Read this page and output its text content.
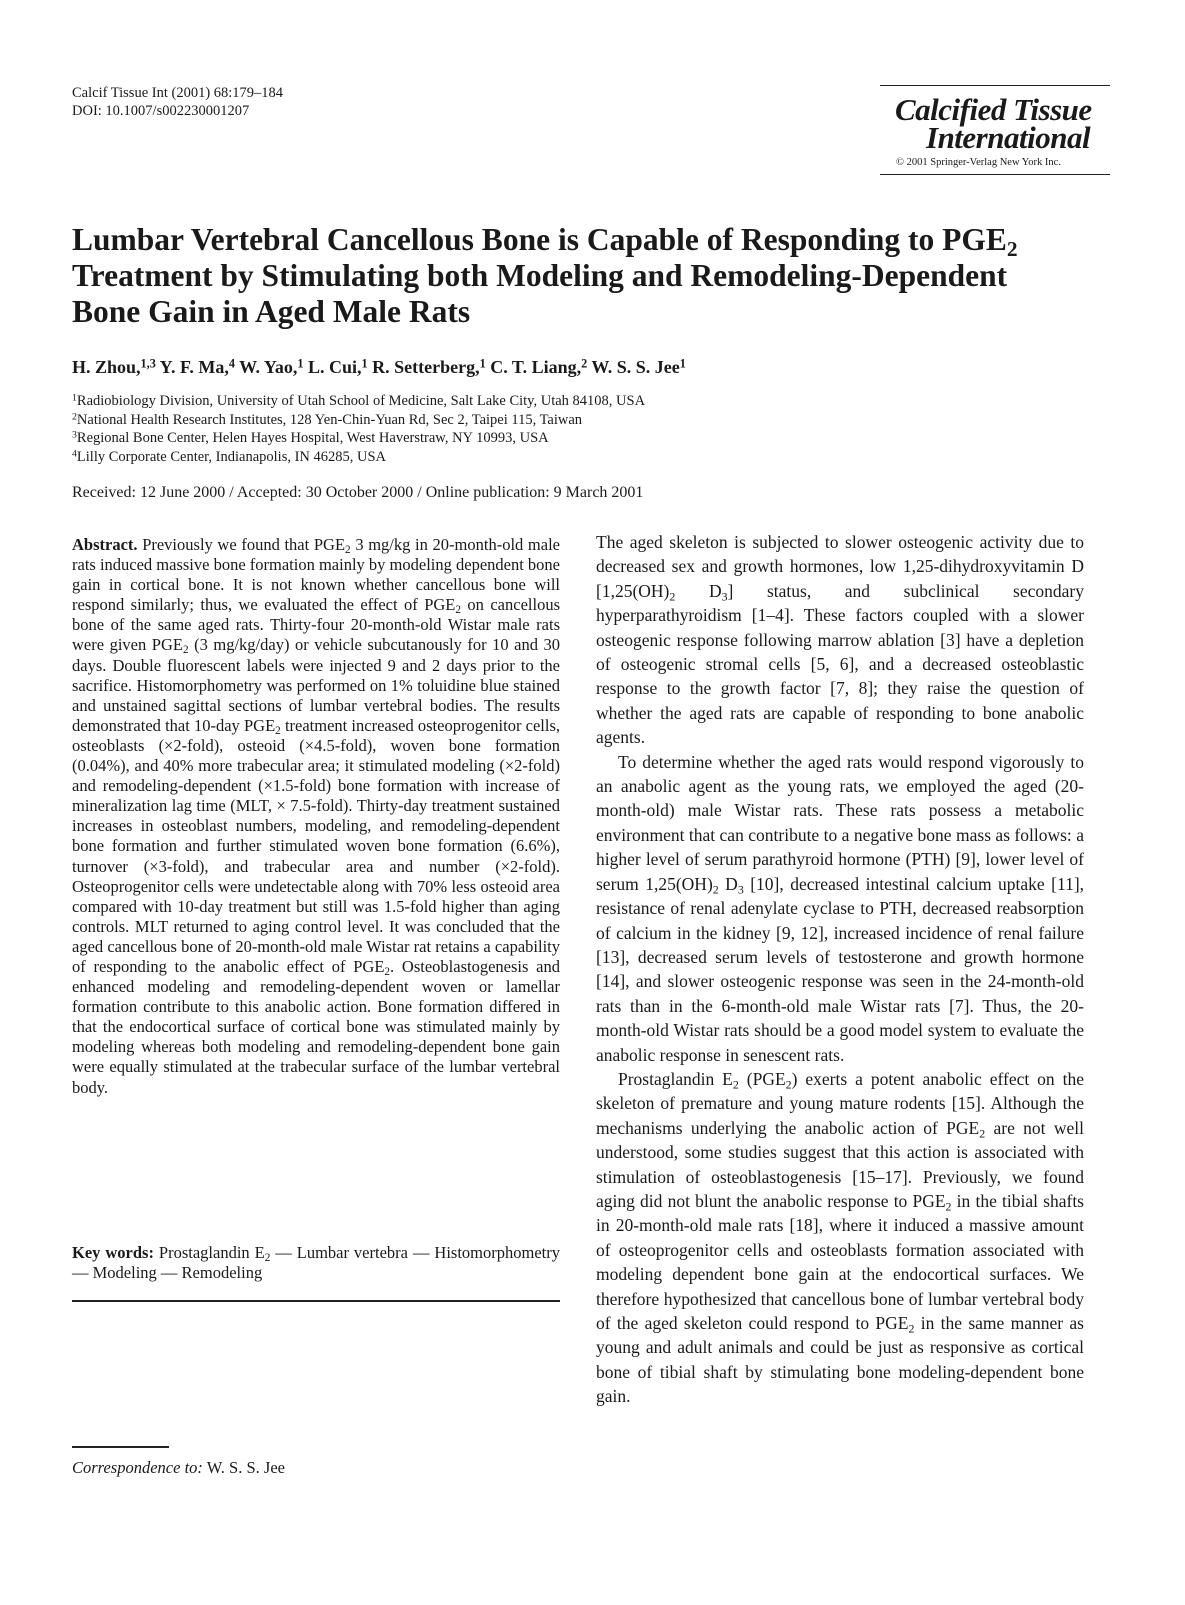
Calcif Tissue Int (2001) 68:179–184
DOI: 10.1007/s002230001207	Calcified Tissue
International
© 2001 Springer-Verlag New York Inc.
Lumbar Vertebral Cancellous Bone is Capable of Responding to $PGE_2$
Treatment by Stimulating both Modeling and Remodeling-Dependent
Bone Gain in Aged Male Rats
H. Zhou,$^{1,3}$ Y. F. Ma,$^4$ W. Yao,$^1$ L. Cui,$^1$ R. Setterberg,$^1$ C. T. Liang,$^2$ W. S. S. Jee$^1$
$^1$Radiobiology Division, University of Utah School of Medicine, Salt Lake City, Utah 84108, USA
$^2$National Health Research Institutes, 128 Yen-Chin-Yuan Rd, Sec 2, Taipei 115, Taiwan
$^3$Regional Bone Center, Helen Hayes Hospital, West Haverstraw, NY 10993, USA
$^4$Lilly Corporate Center, Indianapolis, IN 46285, USA
Received: 12 June 2000 / Accepted: 30 October 2000 / Online publication: 9 March 2001
Abstract. Previously we found that $PGE_2$ 3 mg/kg in 20-month-old male rats induced massive bone formation mainly by modeling dependent bone gain in cortical bone. It is not known whether cancellous bone will respond similarly; thus, we evaluated the effect of $PGE_2$ on cancellous bone of the same aged rats. Thirty-four 20-month-old Wistar male rats were given $PGE_2$ (3 mg/kg/day) or vehicle subcutanously for 10 and 30 days. Double fluorescent labels were injected 9 and 2 days prior to the sacrifice. Histomorphometry was performed on 1% toluidine blue stained and unstained sagittal sections of lumbar vertebral bodies. The results demonstrated that 10-day $PGE_2$ treatment increased osteoprogenitor cells, osteoblasts (×2-fold), osteoid (×4.5-fold), woven bone formation (0.04%), and 40% more trabecular area; it stimulated modeling (×2-fold) and remodeling-dependent (×1.5-fold) bone formation with increase of mineralization lag time (MLT, × 7.5-fold). Thirty-day treatment sustained increases in osteoblast numbers, modeling, and remodeling-dependent bone formation and further stimulated woven bone formation (6.6%), turnover (×3-fold), and trabecular area and number (×2-fold). Osteoprogenitor cells were undetectable along with 70% less osteoid area compared with 10-day treatment but still was 1.5-fold higher than aging controls. MLT returned to aging control level. It was concluded that the aged cancellous bone of 20-month-old male Wistar rat retains a capability of responding to the anabolic effect of $PGE_2$. Osteoblastogenesis and enhanced modeling and remodeling-dependent woven or lamellar formation contribute to this anabolic action. Bone formation differed in that the endocortical surface of cortical bone was stimulated mainly by modeling whereas both modeling and remodeling-dependent bone gain were equally stimulated at the trabecular surface of the lumbar vertebral body.
Key words: Prostaglandin $E_2$ — Lumbar vertebra — Histomorphometry — Modeling — Remodeling
Correspondence to: W. S. S. Jee

The aged skeleton is subjected to slower osteogenic activity due to decreased sex and growth hormones, low 1,25-dihydroxyvitamin D [$1,25(OH)_2$ $D_3$] status, and subclinical secondary hyperparathyroidism [1–4]. These factors coupled with a slower osteogenic response following marrow ablation [3] have a depletion of osteogenic stromal cells [5, 6], and a decreased osteoblastic response to the growth factor [7, 8]; they raise the question of whether the aged rats are capable of responding to bone anabolic agents.

To determine whether the aged rats would respond vigorously to an anabolic agent as the young rats, we employed the aged (20-month-old) male Wistar rats. These rats possess a metabolic environment that can contribute to a negative bone mass as follows: a higher level of serum parathyroid hormone (PTH) [9], lower level of serum $1,25(OH)_2$ $D_3$ [10], decreased intestinal calcium uptake [11], resistance of renal adenylate cyclase to PTH, decreased reabsorption of calcium in the kidney [9, 12], increased incidence of renal failure [13], decreased serum levels of testosterone and growth hormone [14], and slower osteogenic response was seen in the 24-month-old rats than in the 6-month-old male Wistar rats [7]. Thus, the 20-month-old Wistar rats should be a good model system to evaluate the anabolic response in senescent rats.

Prostaglandin $E_2$ $(PGE_2)$ exerts a potent anabolic effect on the skeleton of premature and young mature rodents [15]. Although the mechanisms underlying the anabolic action of $PGE_2$ are not well understood, some studies suggest that this action is associated with stimulation of osteoblastogenesis [15–17]. Previously, we found aging did not blunt the anabolic response to $PGE_2$ in the tibial shafts in 20-month-old male rats [18], where it induced a massive amount of osteoprogenitor cells and osteoblasts formation associated with modeling dependent bone gain at the endocortical surfaces. We therefore hypothesized that cancellous bone of lumbar vertebral body of the aged skeleton could respond to $PGE_2$ in the same manner as young and adult animals and could be just as responsive as cortical bone of tibial shaft by stimulating bone modeling-dependent bone gain.
